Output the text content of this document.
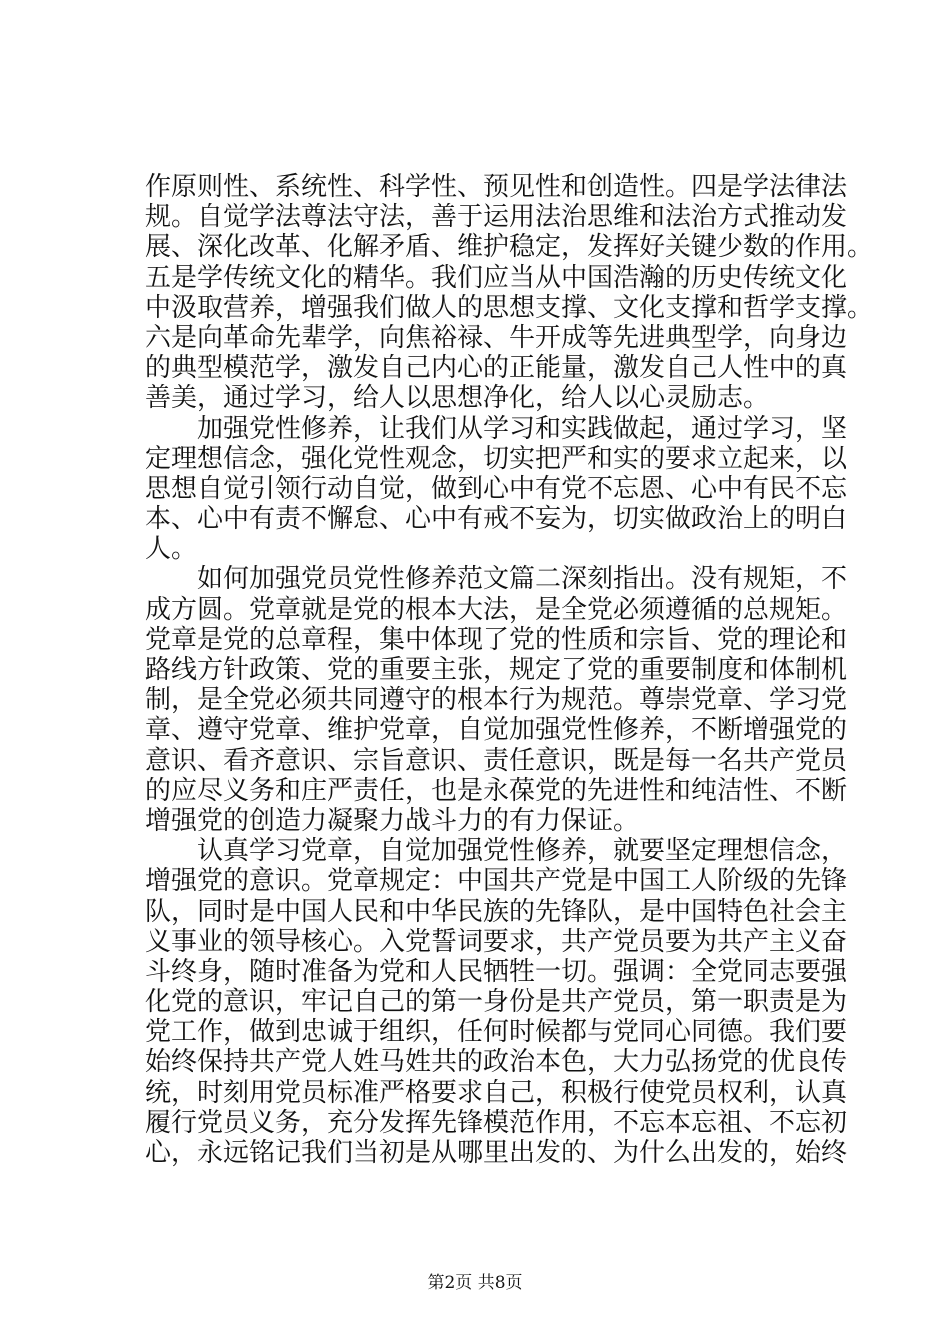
作原则性、系统性、科学性、预见性和创造性。四是学法律法
规。自觉学法尊法守法，善于运用法治思维和法治方式推动发
展、深化改革、化解矛盾、维护稳定，发挥好关键少数的作用。
五是学传统文化的精华。我们应当从中国浩瀚的历史传统文化
中汲取营养，增强我们做人的思想支撑、文化支撑和哲学支撑。
六是向革命先辈学，向焦裕禄、牛开成等先进典型学，向身边
的典型模范学，激发自己内心的正能量，激发自己人性中的真
善美，通过学习，给人以思想净化，给人以心灵励志。
　　加强党性修养，让我们从学习和实践做起，通过学习，坚
定理想信念，强化党性观念，切实把严和实的要求立起来，以
思想自觉引领行动自觉，做到心中有党不忘恩、心中有民不忘
本、心中有责不懈怠、心中有戒不妄为，切实做政治上的明白
人。
　　如何加强党员党性修养范文篇二深刻指出。没有规矩，不
成方圆。党章就是党的根本大法，是全党必须遵循的总规矩。
党章是党的总章程，集中体现了党的性质和宗旨、党的理论和
路线方针政策、党的重要主张，规定了党的重要制度和体制机
制，是全党必须共同遵守的根本行为规范。尊崇党章、学习党
章、遵守党章、维护党章，自觉加强党性修养，不断增强党的
意识、看齐意识、宗旨意识、责任意识，既是每一名共产党员
的应尽义务和庄严责任，也是永葆党的先进性和纯洁性、不断
增强党的创造力凝聚力战斗力的有力保证。
　　认真学习党章，自觉加强党性修养，就要坚定理想信念，
增强党的意识。党章规定：中国共产党是中国工人阶级的先锋
队，同时是中国人民和中华民族的先锋队，是中国特色社会主
义事业的领导核心。入党誓词要求，共产党员要为共产主义奋
斗终身，随时准备为党和人民牺牲一切。强调：全党同志要强
化党的意识，牢记自己的第一身份是共产党员，第一职责是为
党工作，做到忠诚于组织，任何时候都与党同心同德。我们要
始终保持共产党人姓马姓共的政治本色，大力弘扬党的优良传
统，时刻用党员标准严格要求自己，积极行使党员权利，认真
履行党员义务，充分发挥先锋模范作用，不忘本忘祖、不忘初
心，永远铭记我们当初是从哪里出发的、为什么出发的，始终
第2页 共8页
